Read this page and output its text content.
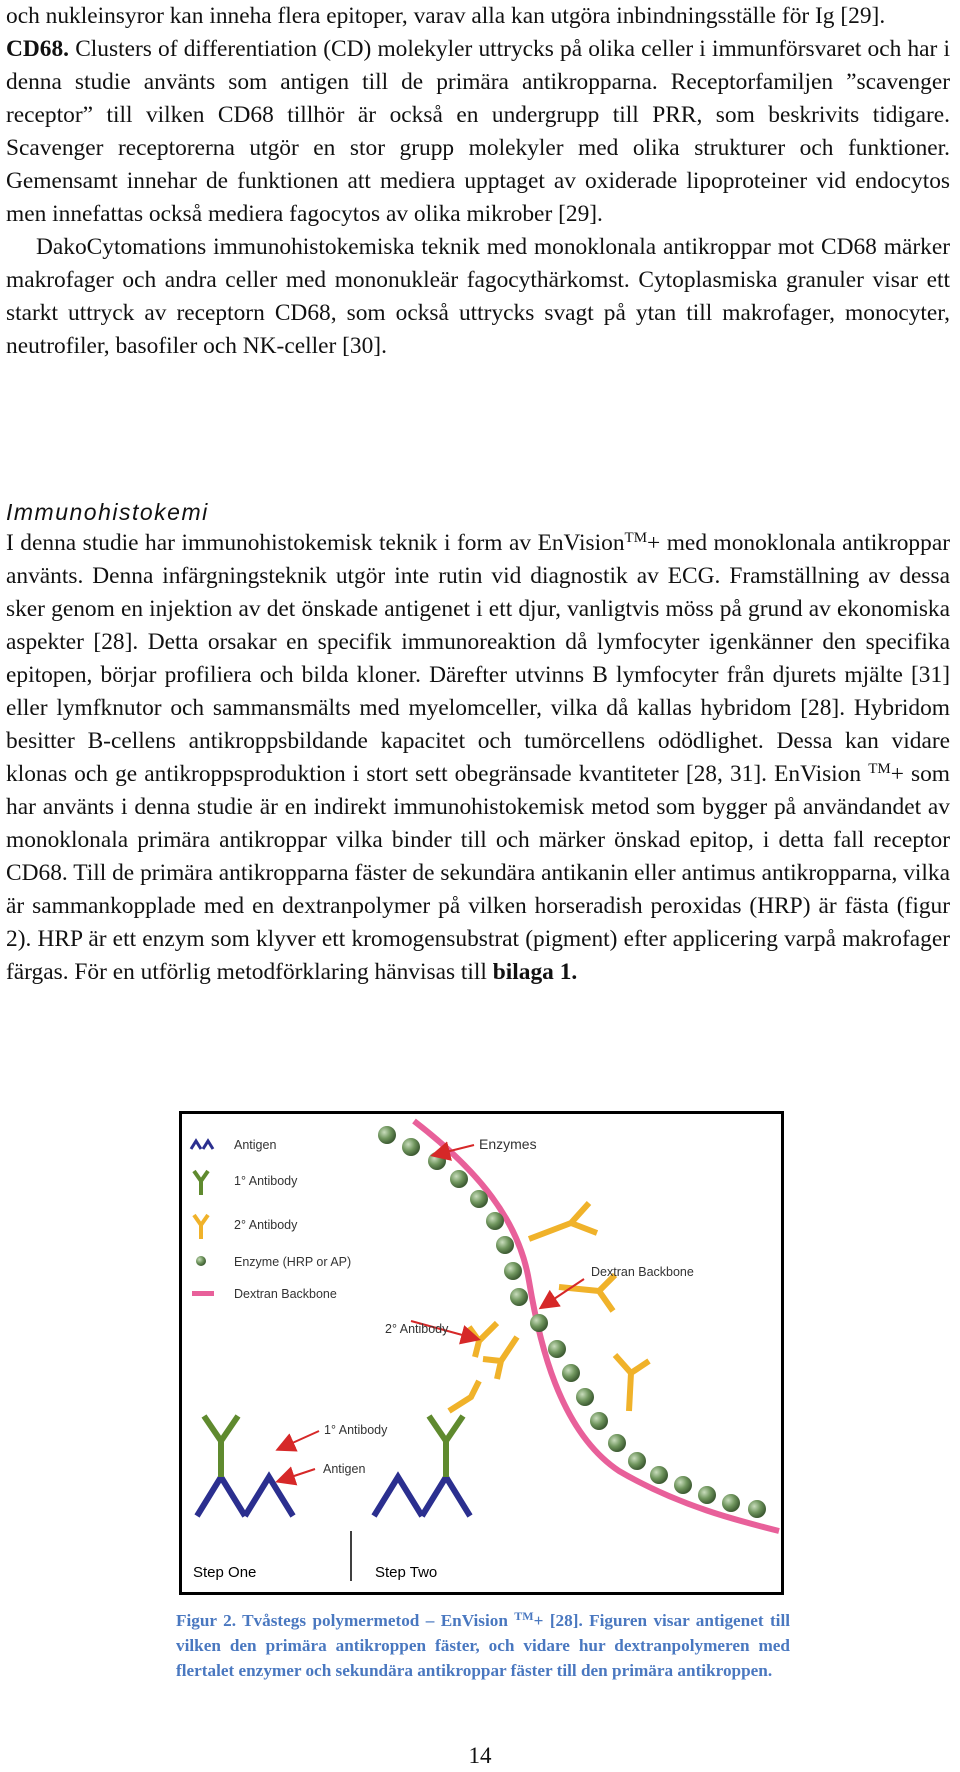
och nukleinsyror kan inneha flera epitoper, varav alla kan utgöra inbindningsställe för Ig [29].

CD68. Clusters of differentiation (CD) molekyler uttrycks på olika celler i immunförsvaret och har i denna studie använts som antigen till de primära antikropparna. Receptorfamiljen ”scavenger receptor” till vilken CD68 tillhör är också en undergrupp till PRR, som beskrivits tidigare. Scavenger receptorerna utgör en stor grupp molekyler med olika strukturer och funktioner. Gemensamt innehar de funktionen att mediera upptaget av oxiderade lipoproteiner vid endocytos men innefattas också mediera fagocytos av olika mikrober [29].

DakoCytomations immunohistokemiska teknik med monoklonala antikroppar mot CD68 märker makrofager och andra celler med mononukleär fagocythärkomst. Cytoplasmiska granuler visar ett starkt uttryck av receptorn CD68, som också uttrycks svagt på ytan till makrofager, monocyter, neutrofiler, basofiler och NK-celler [30].

Immunohistokemi

I denna studie har immunohistokemisk teknik i form av EnVision™+ med monoklonala antikroppar använts. Denna infärgningsteknik utgör inte rutin vid diagnostik av ECG. Framställning av dessa sker genom en injektion av det önskade antigenet i ett djur, vanligtvis möss på grund av ekonomiska aspekter [28]. Detta orsakar en specifik immunoreaktion då lymfocyter igenkänner den specifika epitopen, börjar profiliera och bilda kloner. Därefter utvinns B lymfocyter från djurets mjälte [31] eller lymfknutor och sammansmälts med myelomceller, vilka då kallas hybridom [28]. Hybridom besitter B-cellens antikroppsbildande kapacitet och tumörcellens odödlighet. Dessa kan vidare klonas och ge antikroppsproduktion i stort sett obegränsade kvantiteter [28, 31]. EnVision ™+ som har använts i denna studie är en indirekt immunohistokemisk metod som bygger på användandet av monoklonala primära antikroppar vilka binder till och märker önskad epitop, i detta fall receptor CD68. Till de primära antikropparna fäster de sekundära antikanin eller antimus antikropparna, vilka är sammankopplade med en dextranpolymer på vilken horseradish peroxidas (HRP) är fästa (figur 2). HRP är ett enzym som klyver ett kromogensubstrat (pigment) efter applicering varpå makrofager färgas. För en utförlig metodförklaring hänvisas till bilaga 1.

Antigen
1° Antibody
2° Antibody
Enzyme (HRP or AP)
Dextran Backbone
Enzymes
Dextran Backbone
2° Antibody
1° Antibody
Antigen
Step One	Step Two
Figur 2. Tvåstegs polymermetod – EnVision ™+ [28]. Figuren visar antigenet till vilken den primära antikroppen fäster, och vidare hur dextranpolymeren med flertalet enzymer och sekundära antikroppar fäster till den primära antikroppen.
14
